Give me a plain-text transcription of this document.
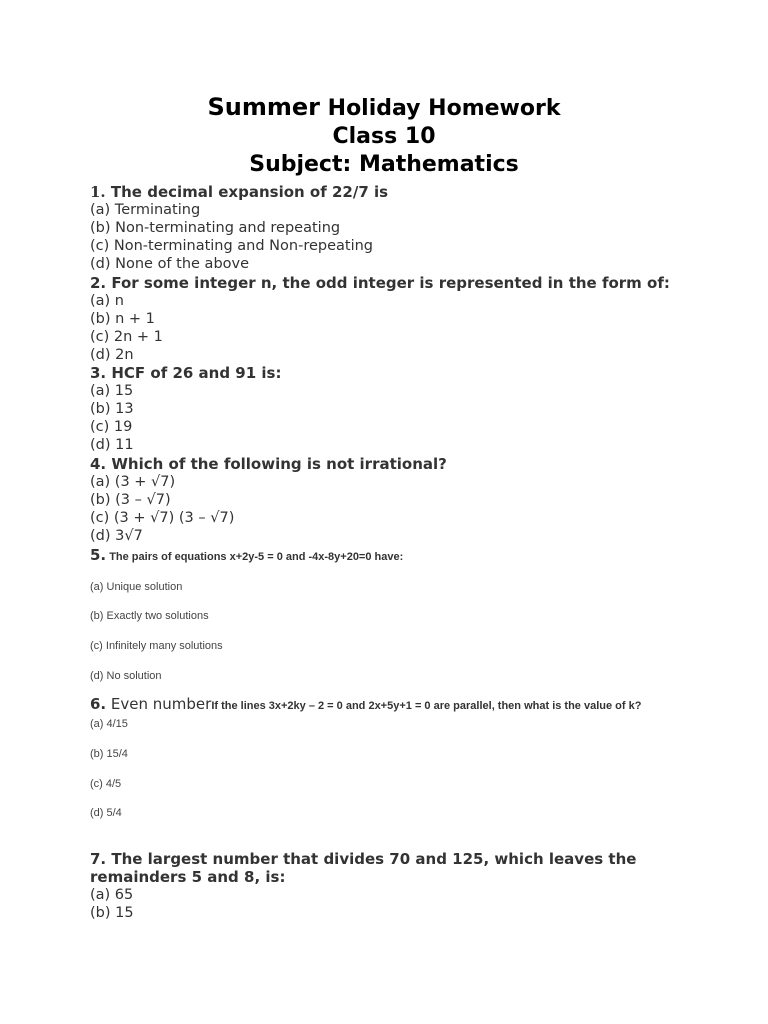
Summer Holiday Homework
Class 10
Subject: Mathematics
1. The decimal expansion of 22/7 is
(a) Terminating
(b) Non-terminating and repeating
(c) Non-terminating and Non-repeating
(d) None of the above
2. For some integer n, the odd integer is represented in the form of:
(a) n
(b) n + 1
(c) 2n + 1
(d) 2n
3. HCF of 26 and 91 is:
(a) 15
(b) 13
(c) 19
(d) 11
4. Which of the following is not irrational?
(a) (3 + √7)
(b) (3 – √7)
(c) (3 + √7) (3 – √7)
(d) 3√7
5. The pairs of equations x+2y-5 = 0 and -4x-8y+20=0 have:
(a) Unique solution
(b) Exactly two solutions
(c) Infinitely many solutions
(d) No solution
6. Even numberIf the lines 3x+2ky – 2 = 0 and 2x+5y+1 = 0 are parallel, then what is the value of k?
(a) 4/15
(b) 15/4
(c) 4/5
(d) 5/4
7. The largest number that divides 70 and 125, which leaves the remainders 5 and 8, is:
(a) 65
(b) 15
